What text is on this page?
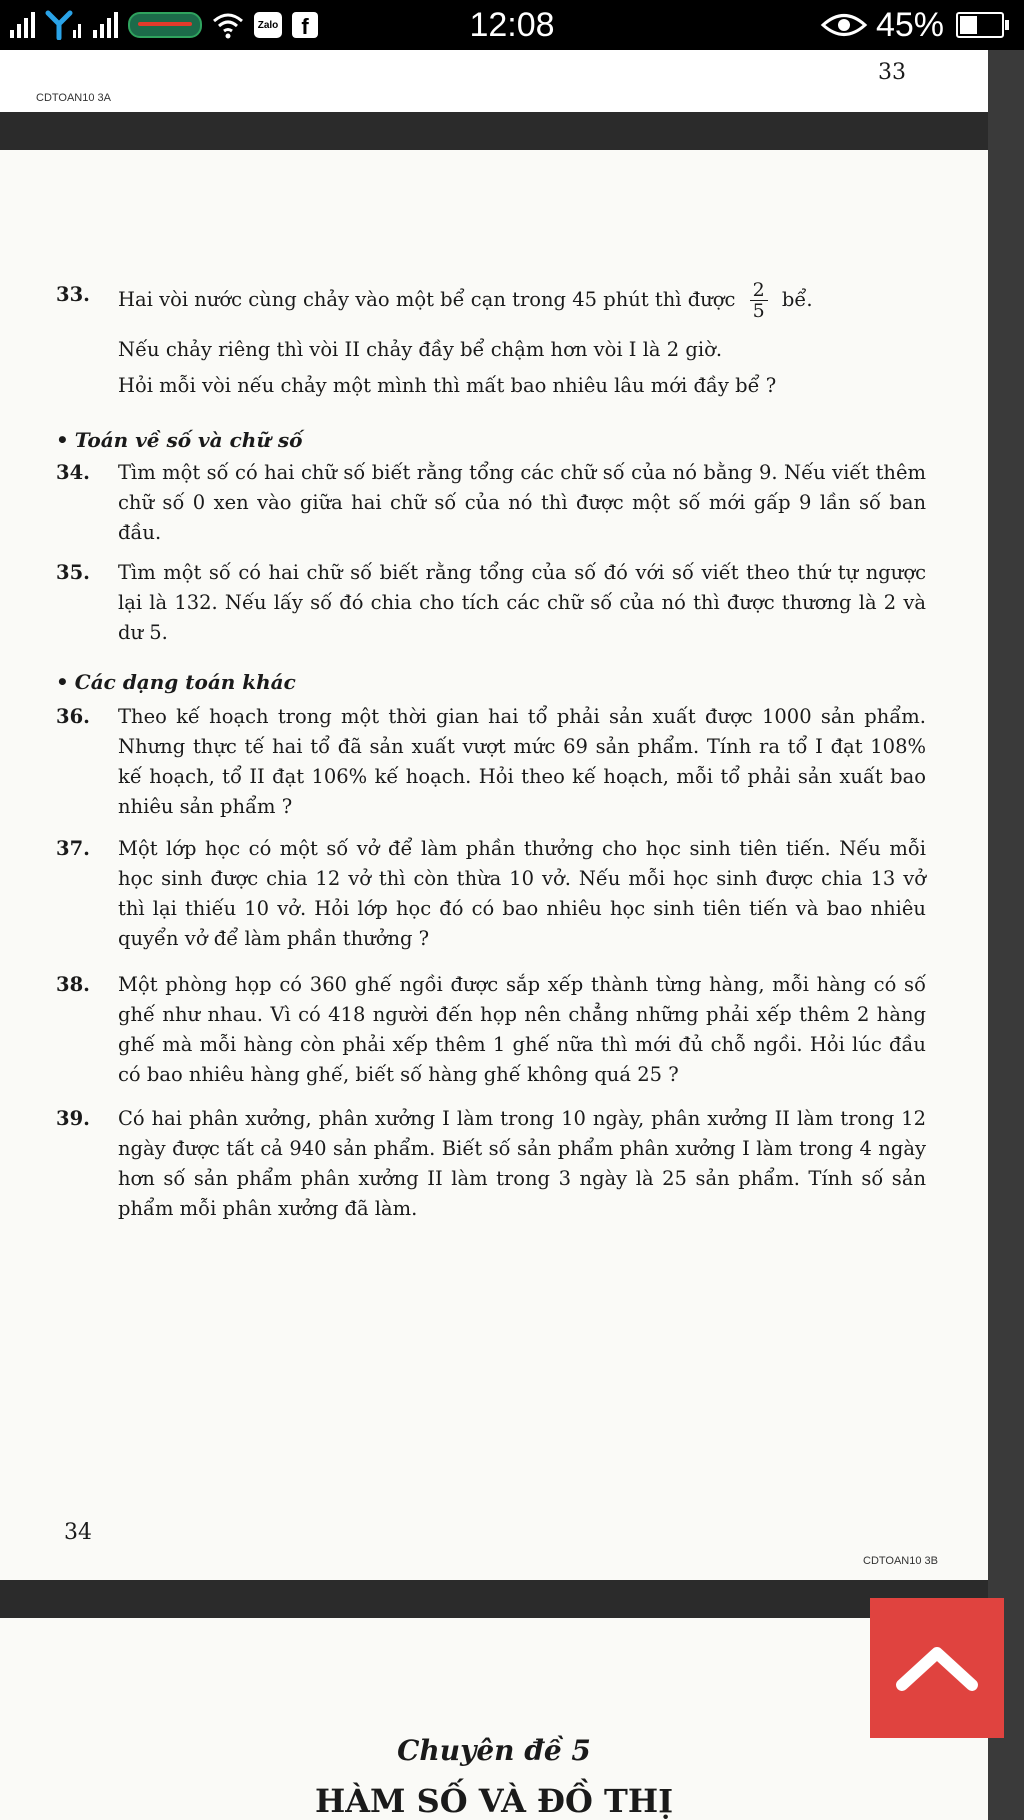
Zalo	f	12:08	45%
CDTOAN10 3A
33
33. Hai vòi nước cùng chảy vào một bể cạn trong 45 phút thì được $\frac{2}{5}$ bể.
Nếu chảy riêng thì vòi II chảy đầy bể chậm hơn vòi I là 2 giờ.
Hỏi mỗi vòi nếu chảy một mình thì mất bao nhiêu lâu mới đầy bể ?
• Toán về số và chữ số
34. Tìm một số có hai chữ số biết rằng tổng các chữ số của nó bằng 9. Nếu viết thêm chữ số 0 xen vào giữa hai chữ số của nó thì được một số mới gấp 9 lần số ban đầu.
35. Tìm một số có hai chữ số biết rằng tổng của số đó với số viết theo thứ tự ngược lại là 132. Nếu lấy số đó chia cho tích các chữ số của nó thì được thương là 2 và dư 5.
• Các dạng toán khác
36. Theo kế hoạch trong một thời gian hai tổ phải sản xuất được 1000 sản phẩm. Nhưng thực tế hai tổ đã sản xuất vượt mức 69 sản phẩm. Tính ra tổ I đạt 108% kế hoạch, tổ II đạt 106% kế hoạch. Hỏi theo kế hoạch, mỗi tổ phải sản xuất bao nhiêu sản phẩm ?
37. Một lớp học có một số vở để làm phần thưởng cho học sinh tiên tiến. Nếu mỗi học sinh được chia 12 vở thì còn thừa 10 vở. Nếu mỗi học sinh được chia 13 vở thì lại thiếu 10 vở. Hỏi lớp học đó có bao nhiêu học sinh tiên tiến và bao nhiêu quyển vở để làm phần thưởng ?
38. Một phòng họp có 360 ghế ngồi được sắp xếp thành từng hàng, mỗi hàng có số ghế như nhau. Vì có 418 người đến họp nên chẳng những phải xếp thêm 2 hàng ghế mà mỗi hàng còn phải xếp thêm 1 ghế nữa thì mới đủ chỗ ngồi. Hỏi lúc đầu có bao nhiêu hàng ghế, biết số hàng ghế không quá 25 ?
39. Có hai phân xưởng, phân xưởng I làm trong 10 ngày, phân xưởng II làm trong 12 ngày được tất cả 940 sản phẩm. Biết số sản phẩm phân xưởng I làm trong 4 ngày hơn số sản phẩm phân xưởng II làm trong 3 ngày là 25 sản phẩm. Tính số sản phẩm mỗi phân xưởng đã làm.
34
CDTOAN10 3B
Chuyên đề 5
HÀM SỐ VÀ ĐỒ THỊ
